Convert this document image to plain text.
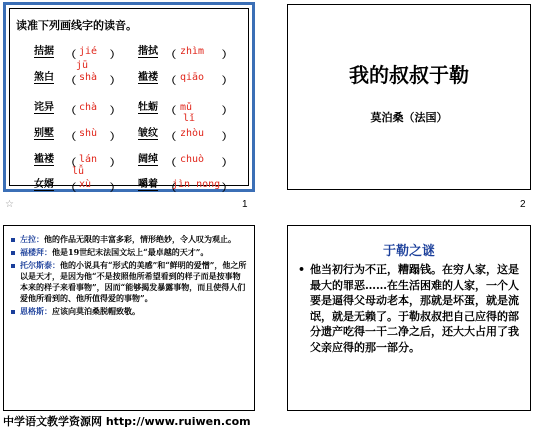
读准下列画线字的读音。
拮据 （ jié ） 揩拭 （ zhìm ）
jū
煞白 （ shà ） 褴褛 （ qiāo ）
诧异 （ chà ） 牡蛎 （ mǔ	）
lǐ
别墅 （ shù ） 皱纹 （ zhòu ）
褴褛 （ lán ） 阔绰 （ chuò ）
lǚ
女婿 （ xù ） 嚼着 （
jìn nong ）
☆	1
我的叔叔于勒
莫泊桑（法国）
2
左拉：他的作品无限的丰富多彩，情形绝妙，令人叹为观止。
福楼拜：他是19世纪末法国文坛上“最卓越的天才”。
托尔斯泰：他的小说具有“形式的美感”和“鲜明的爱憎”，他之所以是天才，是因为他“不是按照他所希望看到的样子而是按事物本来的样子来看事物”，因而“能够揭发暴露事物，而且使得人们爱他所看到的、他所值得爱的事物”。
恩格斯：应该向莫泊桑脱帽致敬。
于勒之谜
• 他当初行为不正，糟蹋钱。在穷人家，这是最大的罪恶……在生活困难的人家，一个人要是逼得父母动老本，那就是坏蛋，就是流氓，就是无赖了。于勒叔叔把自己应得的部分遗产吃得一干二净之后，还大大占用了我父亲应得的那一部分。
中学语文教学资源网 http://www.ruiwen.com
